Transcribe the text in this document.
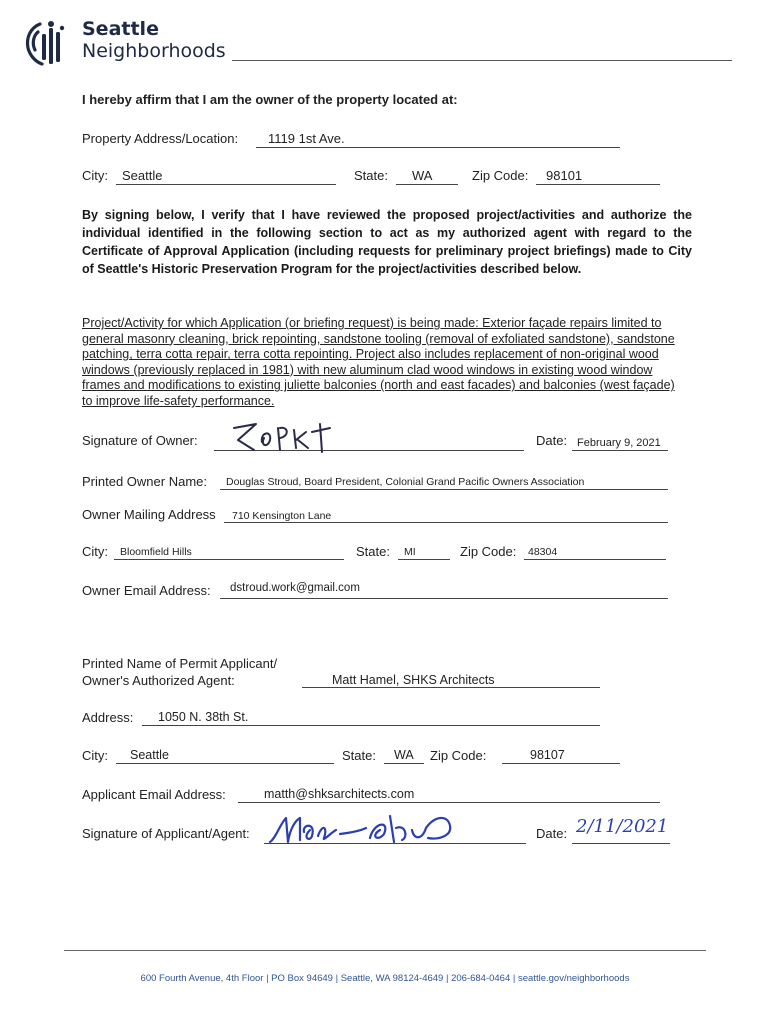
Seattle
Neighborhoods
I hereby affirm that I am the owner of the property located at:
Property Address/Location: 1119 1st Ave.
City: Seattle	State: WA	Zip Code: 98101
By signing below, I verify that I have reviewed the proposed project/activities and authorize the individual identified in the following section to act as my authorized agent with regard to the Certificate of Approval Application (including requests for preliminary project briefings) made to City of Seattle's Historic Preservation Program for the project/activities described below.
Project/Activity for which Application (or briefing request) is being made: Exterior façade repairs limited to general masonry cleaning, brick repointing, sandstone tooling (removal of exfoliated sandstone), sandstone patching, terra cotta repair, terra cotta repointing. Project also includes replacement of non-original wood windows (previously replaced in 1981) with new aluminum clad wood windows in existing wood window frames and modifications to existing juliette balconies (north and east facades) and balconies (west façade) to improve life-safety performance.
Signature of Owner:	Date: February 9, 2021
Printed Owner Name: Douglas Stroud, Board President, Colonial Grand Pacific Owners Association
Owner Mailing Address 710 Kensington Lane
City: Bloomfield Hills	State: MI	Zip Code: 48304
Owner Email Address: dstroud.work@gmail.com
Printed Name of Permit Applicant/
Owner's Authorized Agent:	Matt Hamel, SHKS Architects
Address: 1050 N. 38th St.
City: Seattle	State: WA Zip Code:	98107
Applicant Email Address:	matth@shksarchitects.com
Signature of Applicant/Agent:	Date: 2/11/2021
600 Fourth Avenue, 4th Floor | PO Box 94649 | Seattle, WA 98124-4649 | 206-684-0464 | seattle.gov/neighborhoods
